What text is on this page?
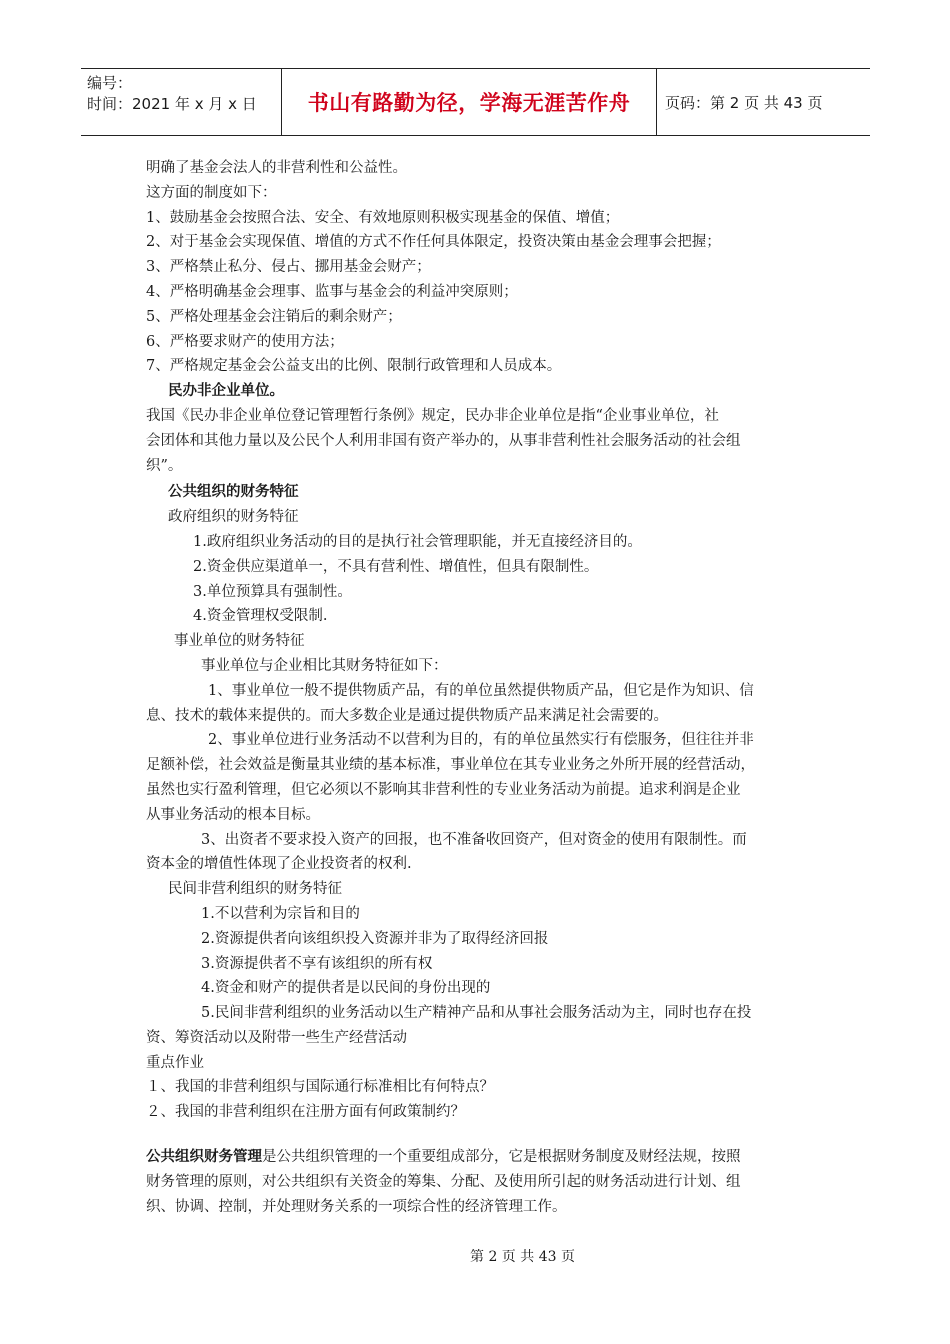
编号：
时间：2021 年 x 月 x 日	书山有路勤为径，学海无涯苦作舟	页码：第 2 页 共 43 页

明确了基金会法人的非营利性和公益性。

这方面的制度如下：

1、鼓励基金会按照合法、安全、有效地原则积极实现基金的保值、增值；

2、对于基金会实现保值、增值的方式不作任何具体限定，投资决策由基金会理事会把握；

3、严格禁止私分、侵占、挪用基金会财产；

4、严格明确基金会理事、监事与基金会的利益冲突原则；

5、严格处理基金会注销后的剩余财产；

6、严格要求财产的使用方法；

7、严格规定基金会公益支出的比例、限制行政管理和人员成本。

民办非企业单位。

我国《民办非企业单位登记管理暂行条例》规定，民办非企业单位是指“企业事业单位，社

会团体和其他力量以及公民个人利用非国有资产举办的，从事非营利性社会服务活动的社会组

织”。

公共组织的财务特征

政府组织的财务特征

1.政府组织业务活动的目的是执行社会管理职能，并无直接经济目的。

2.资金供应渠道单一，不具有营利性、增值性，但具有限制性。

3.单位预算具有强制性。

4.资金管理权受限制.

事业单位的财务特征

事业单位与企业相比其财务特征如下：

1、事业单位一般不提供物质产品，有的单位虽然提供物质产品，但它是作为知识、信

息、技术的载体来提供的。而大多数企业是通过提供物质产品来满足社会需要的。

2、事业单位进行业务活动不以营利为目的，有的单位虽然实行有偿服务，但往往并非

足额补偿，社会效益是衡量其业绩的基本标准，事业单位在其专业业务之外所开展的经营活动，

虽然也实行盈利管理，但它必须以不影响其非营利性的专业业务活动为前提。追求利润是企业

从事业务活动的根本目标。

3、出资者不要求投入资产的回报，也不准备收回资产，但对资金的使用有限制性。而

资本金的增值性体现了企业投资者的权利.

民间非营利组织的财务特征

1.不以营利为宗旨和目的

2.资源提供者向该组织投入资源并非为了取得经济回报

3.资源提供者不享有该组织的所有权

4.资金和财产的提供者是以民间的身份出现的

5.民间非营利组织的业务活动以生产精神产品和从事社会服务活动为主，同时也存在投

资、筹资活动以及附带一些生产经营活动

重点作业

１、我国的非营利组织与国际通行标准相比有何特点？

２、我国的非营利组织在注册方面有何政策制约？

公共组织财务管理是公共组织管理的一个重要组成部分，它是根据财务制度及财经法规，按照

财务管理的原则，对公共组织有关资金的筹集、分配、及使用所引起的财务活动进行计划、组

织、协调、控制，并处理财务关系的一项综合性的经济管理工作。

第 2 页 共 43 页
